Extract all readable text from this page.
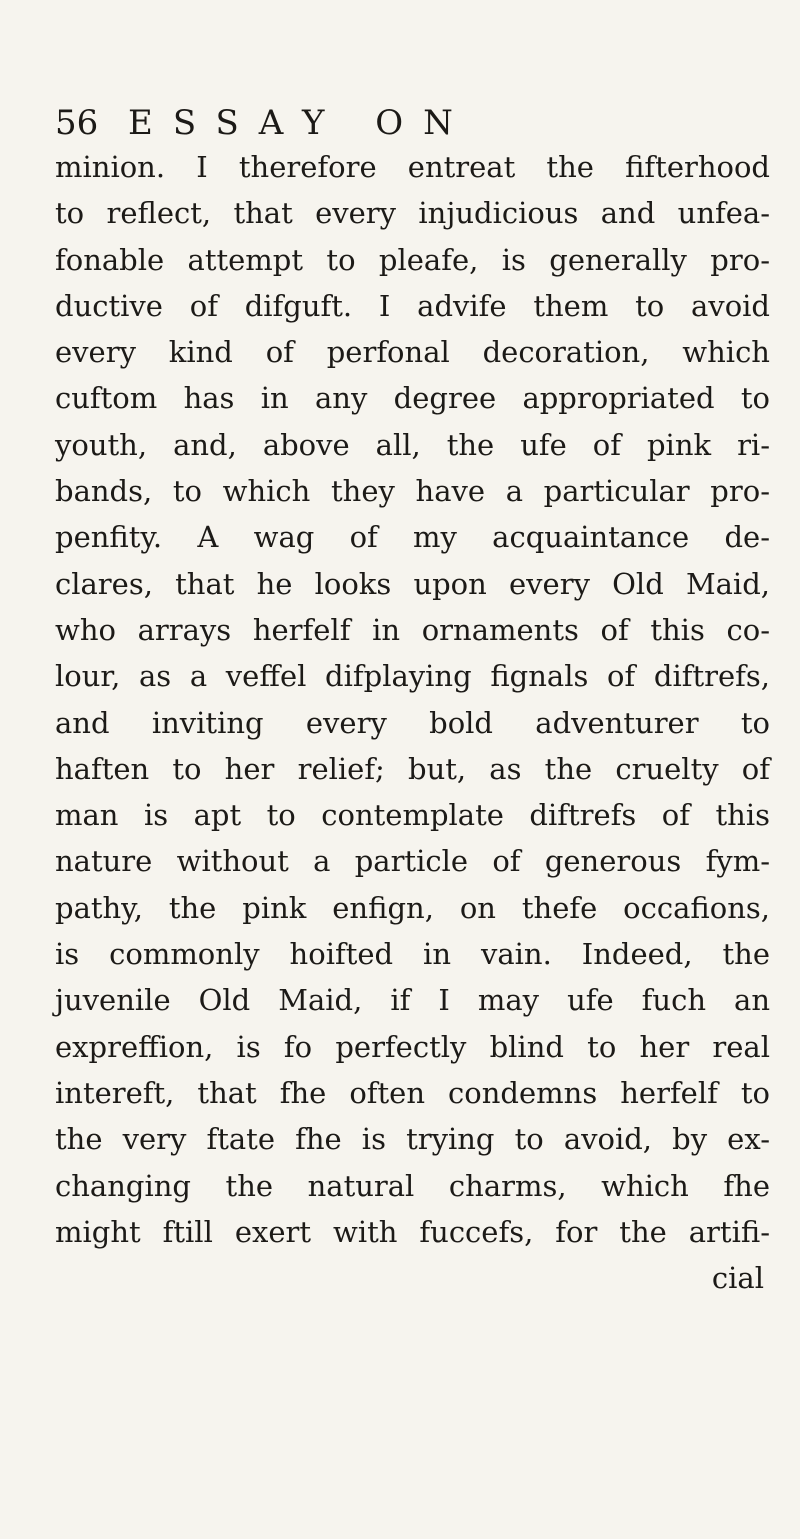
56 ESSAY ON
minion. I therefore entreat the fifterhood
to reflect, that every injudicious and unfea-
fonable attempt to pleafe, is generally pro-
ductive of difguft. I advife them to avoid
every kind of perfonal decoration, which
cuftom has in any degree appropriated to
youth, and, above all, the ufe of pink ri-
bands, to which they have a particular pro-
penfity. A wag of my acquaintance de-
clares, that he looks upon every Old Maid,
who arrays herfelf in ornaments of this co-
lour, as a veffel difplaying fignals of diftrefs,
and inviting every bold adventurer to
haften to her relief; but, as the cruelty of
man is apt to contemplate diftrefs of this
nature without a particle of generous fym-
pathy, the pink enfign, on thefe occafions,
is commonly hoifted in vain. Indeed, the
juvenile Old Maid, if I may ufe fuch an
expreffion, is fo perfectly blind to her real
intereft, that fhe often condemns herfelf to
the very ftate fhe is trying to avoid, by ex-
changing the natural charms, which fhe
might ftill exert with fuccefs, for the artifi-
cial
